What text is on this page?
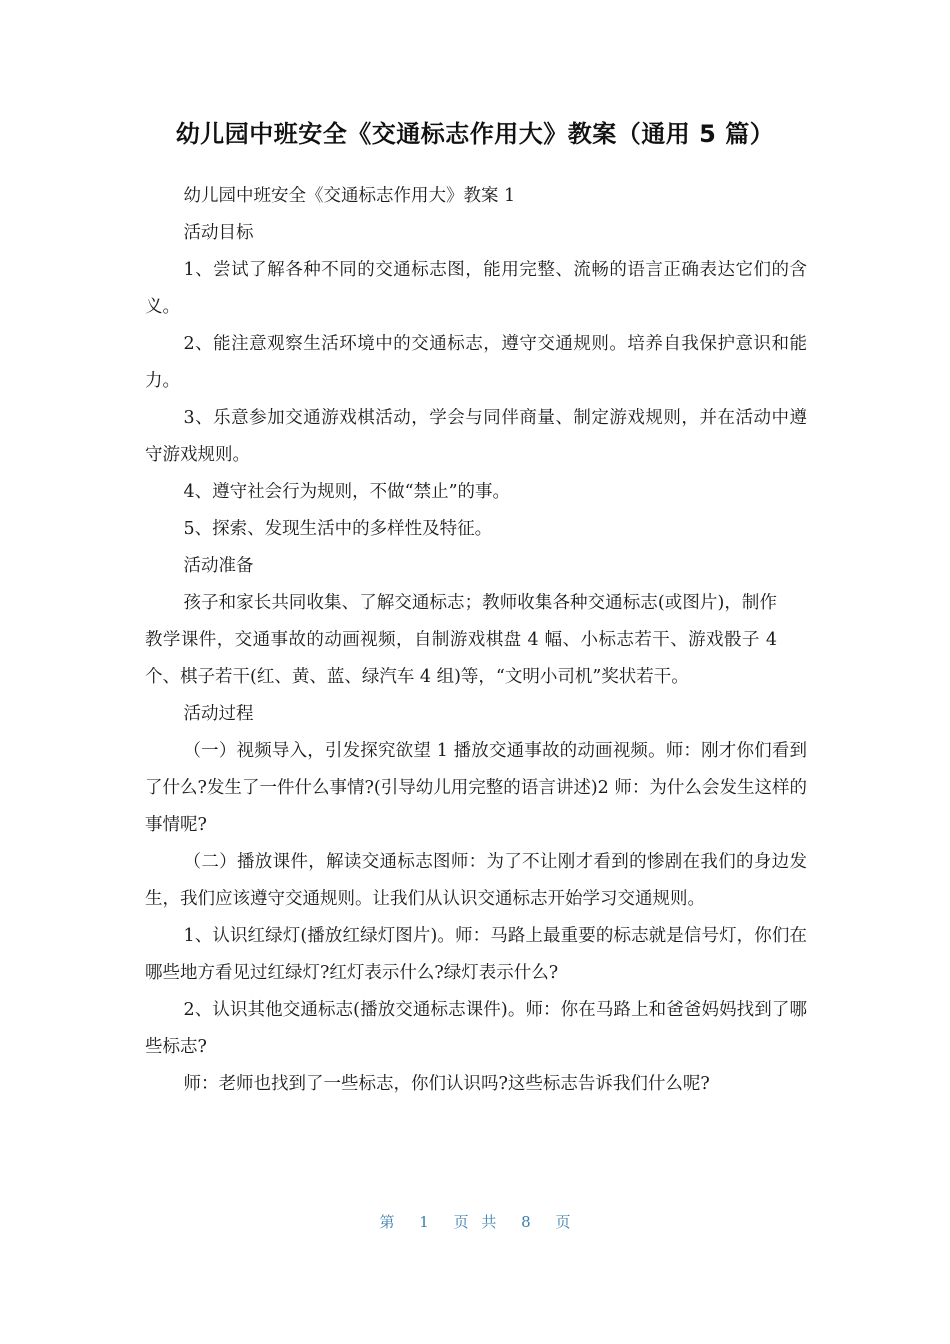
幼儿园中班安全《交通标志作用大》教案（通用 5 篇）

幼儿园中班安全《交通标志作用大》教案 1

活动目标

1、尝试了解各种不同的交通标志图，能用完整、流畅的语言正确表达它们的含义。

2、能注意观察生活环境中的交通标志，遵守交通规则。培养自我保护意识和能力。

3、乐意参加交通游戏棋活动，学会与同伴商量、制定游戏规则，并在活动中遵守游戏规则。

4、遵守社会行为规则，不做“禁止”的事。

5、探索、发现生活中的多样性及特征。

活动准备

孩子和家长共同收集、了解交通标志；教师收集各种交通标志(或图片)，制作教学课件，交通事故的动画视频，自制游戏棋盘 4 幅、小标志若干、游戏骰子 4 个、棋子若干(红、黄、蓝、绿汽车 4 组)等，“文明小司机”奖状若干。

活动过程

（一）视频导入，引发探究欲望 1 播放交通事故的动画视频。师：刚才你们看到了什么?发生了一件什么事情?(引导幼儿用完整的语言讲述)2 师：为什么会发生这样的事情呢?

（二）播放课件，解读交通标志图师：为了不让刚才看到的惨剧在我们的身边发生，我们应该遵守交通规则。让我们从认识交通标志开始学习交通规则。

1、认识红绿灯(播放红绿灯图片)。师：马路上最重要的标志就是信号灯，你们在哪些地方看见过红绿灯?红灯表示什么?绿灯表示什么?

2、认识其他交通标志(播放交通标志课件)。师：你在马路上和爸爸妈妈找到了哪些标志?

师：老师也找到了一些标志，你们认识吗?这些标志告诉我们什么呢?

第 1 页 共 8 页
